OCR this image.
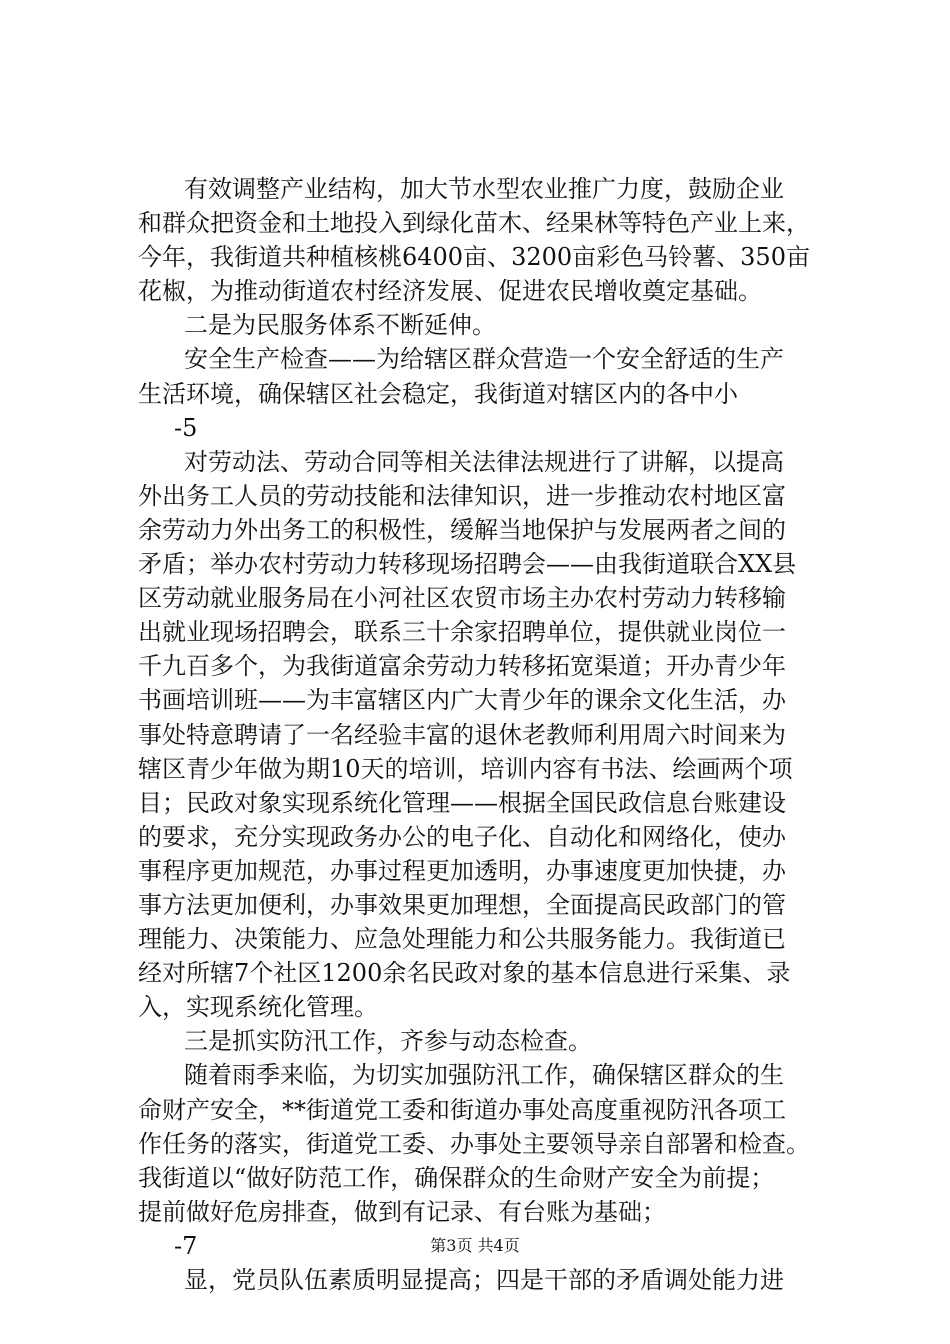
有效调整产业结构，加大节水型农业推广力度，鼓励企业
和群众把资金和土地投入到绿化苗木、经果林等特色产业上来，
今年，我街道共种植核桃6400亩、3200亩彩色马铃薯、350亩
花椒，为推动街道农村经济发展、促进农民增收奠定基础。
二是为民服务体系不断延伸。
安全生产检查——为给辖区群众营造一个安全舒适的生产
生活环境，确保辖区社会稳定，我街道对辖区内的各中小
-5
对劳动法、劳动合同等相关法律法规进行了讲解，以提高
外出务工人员的劳动技能和法律知识，进一步推动农村地区富
余劳动力外出务工的积极性，缓解当地保护与发展两者之间的
矛盾；举办农村劳动力转移现场招聘会——由我街道联合XX县
区劳动就业服务局在小河社区农贸市场主办农村劳动力转移输
出就业现场招聘会，联系三十余家招聘单位，提供就业岗位一
千九百多个，为我街道富余劳动力转移拓宽渠道；开办青少年
书画培训班——为丰富辖区内广大青少年的课余文化生活，办
事处特意聘请了一名经验丰富的退休老教师利用周六时间来为
辖区青少年做为期10天的培训，培训内容有书法、绘画两个项
目；民政对象实现系统化管理——根据全国民政信息台账建设
的要求，充分实现政务办公的电子化、自动化和网络化，使办
事程序更加规范，办事过程更加透明，办事速度更加快捷，办
事方法更加便利，办事效果更加理想，全面提高民政部门的管
理能力、决策能力、应急处理能力和公共服务能力。我街道已
经对所辖7个社区1200余名民政对象的基本信息进行采集、录
入，实现系统化管理。
三是抓实防汛工作，齐参与动态检查。
随着雨季来临，为切实加强防汛工作，确保辖区群众的生
命财产安全，**街道党工委和街道办事处高度重视防汛各项工
作任务的落实，街道党工委、办事处主要领导亲自部署和检查。
我街道以“做好防范工作，确保群众的生命财产安全为前提；
提前做好危房排查，做到有记录、有台账为基础；
-7
显，党员队伍素质明显提高；四是干部的矛盾调处能力进
第3页 共4页
